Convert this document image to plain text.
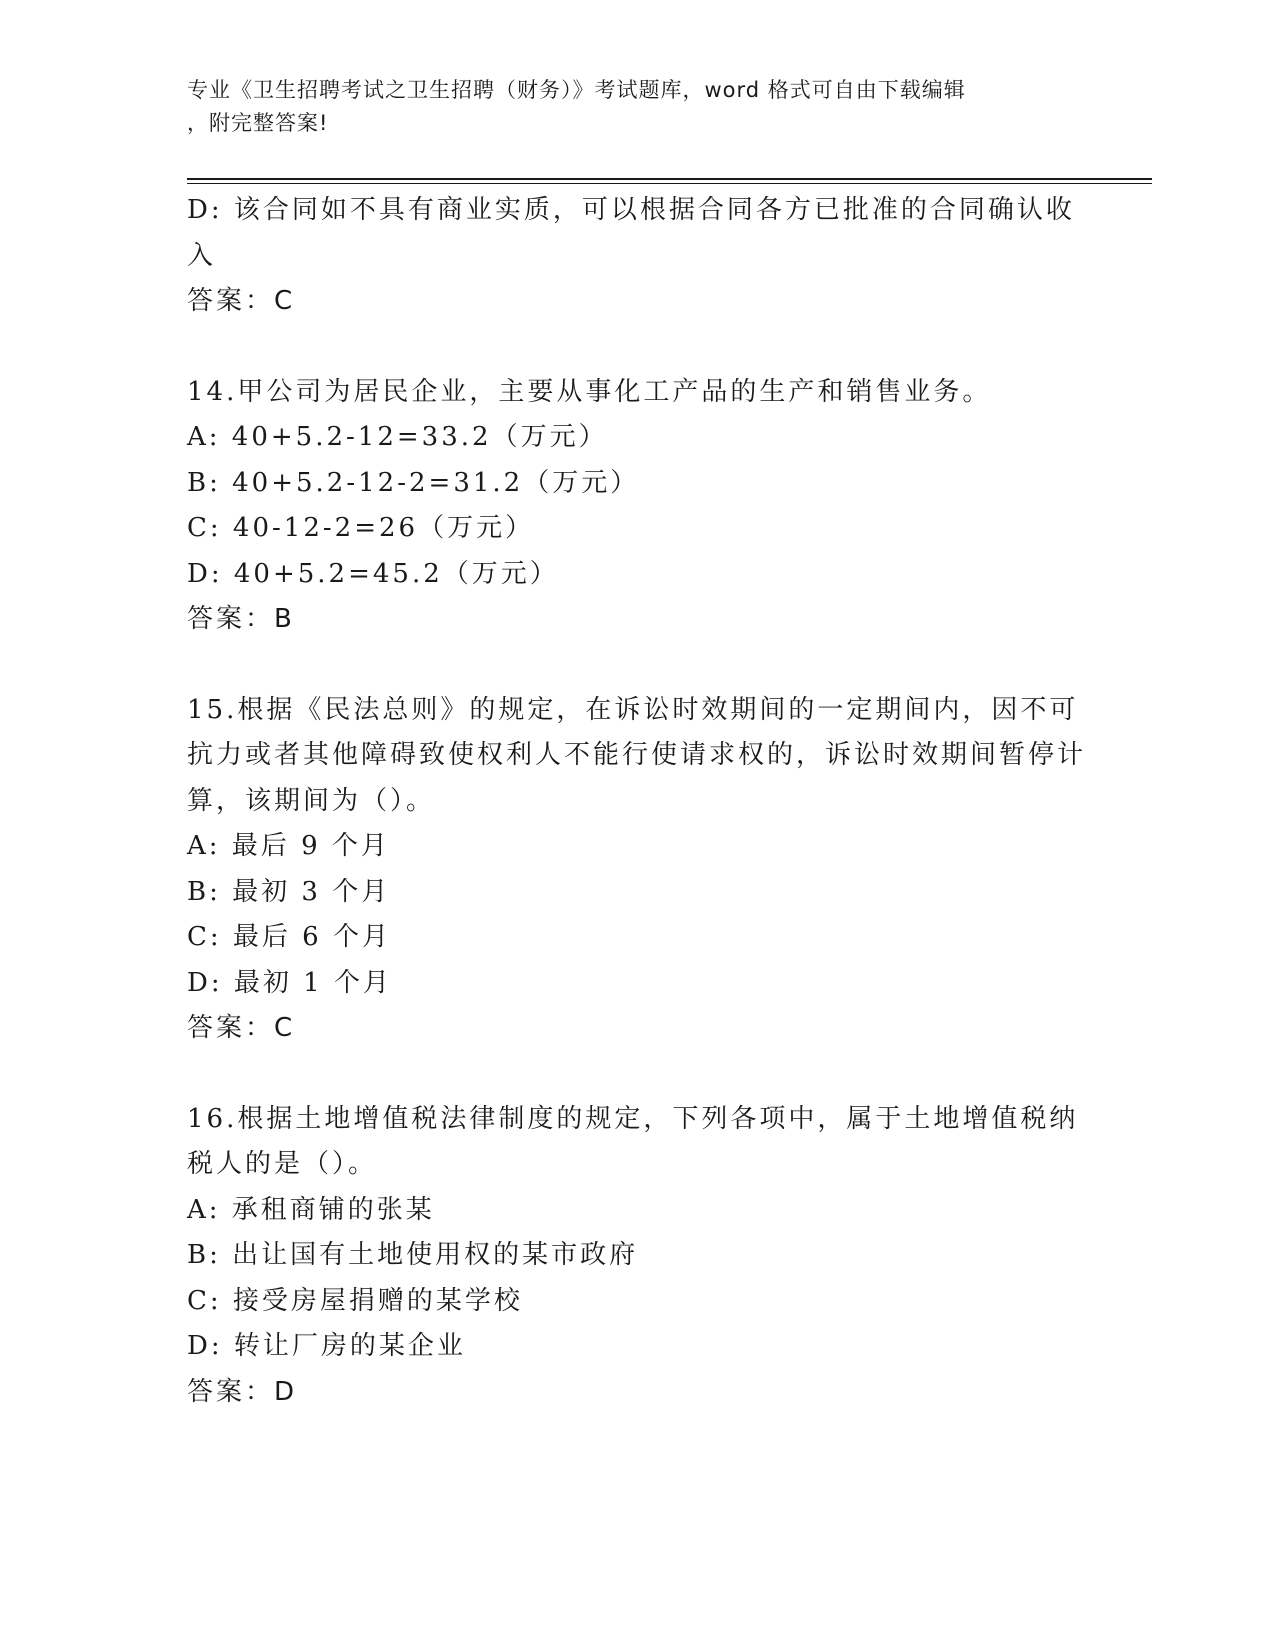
专业《卫生招聘考试之卫生招聘（财务）》考试题库，word 格式可自由下载编辑
，附完整答案!

D: 该合同如不具有商业实质，可以根据合同各方已批准的合同确认收入

答案：C

14.甲公司为居民企业，主要从事化工产品的生产和销售业务。

A: 40+5.2-12=33.2（万元）

B: 40+5.2-12-2=31.2（万元）

C: 40-12-2=26（万元）

D: 40+5.2=45.2（万元）

答案：B

15.根据《民法总则》的规定，在诉讼时效期间的一定期间内，因不可抗力或者其他障碍致使权利人不能行使请求权的，诉讼时效期间暂停计算，该期间为（）。

A: 最后 9 个月

B: 最初 3 个月

C: 最后 6 个月

D: 最初 1 个月

答案：C

16.根据土地增值税法律制度的规定，下列各项中，属于土地增值税纳税人的是（）。

A: 承租商铺的张某

B: 出让国有土地使用权的某市政府

C: 接受房屋捐赠的某学校

D: 转让厂房的某企业

答案：D
